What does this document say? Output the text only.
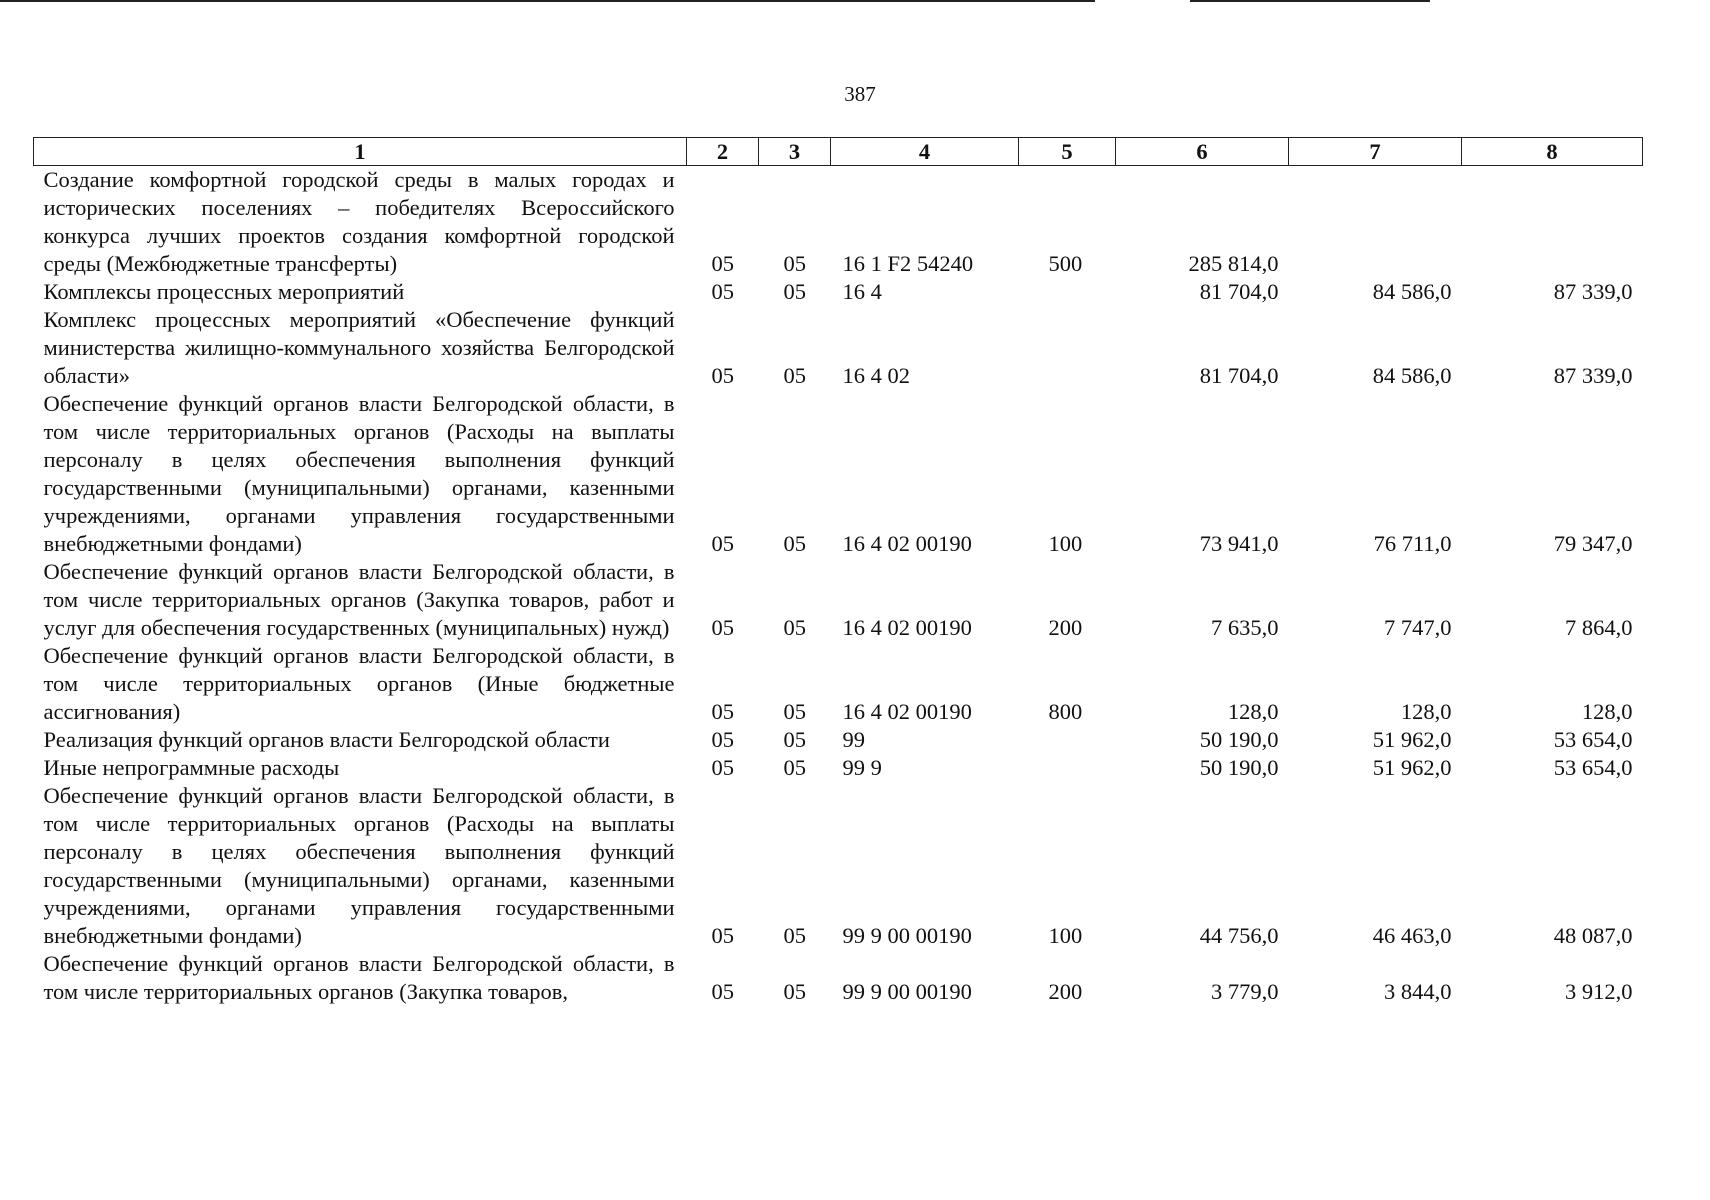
387
1	2	3	4	5	6	7	8
Создание комфортной городской среды в малых городах и исторических поселениях – победителях Всероссийского конкурса лучших проектов создания комфортной городской среды (Межбюджетные трансферты)	05	05	16 1 F2 54240	500	285 814,0		
Комплексы процессных мероприятий	05	05	16 4		81 704,0	84 586,0	87 339,0
Комплекс процессных мероприятий «Обеспечение функций министерства жилищно-коммунального хозяйства Белгородской области»	05	05	16 4 02		81 704,0	84 586,0	87 339,0
Обеспечение функций органов власти Белгородской области, в том числе территориальных органов (Расходы на выплаты персоналу в целях обеспечения выполнения функций государственными (муниципальными) органами, казенными учреждениями, органами управления государственными внебюджетными фондами)	05	05	16 4 02 00190	100	73 941,0	76 711,0	79 347,0
Обеспечение функций органов власти Белгородской области, в том числе территориальных органов (Закупка товаров, работ и услуг для обеспечения государственных (муниципальных) нужд)	05	05	16 4 02 00190	200	7 635,0	7 747,0	7 864,0
Обеспечение функций органов власти Белгородской области, в том числе территориальных органов (Иные бюджетные ассигнования)	05	05	16 4 02 00190	800	128,0	128,0	128,0
Реализация функций органов власти Белгородской области	05	05	99		50 190,0	51 962,0	53 654,0
Иные непрограммные расходы	05	05	99 9		50 190,0	51 962,0	53 654,0
Обеспечение функций органов власти Белгородской области, в том числе территориальных органов (Расходы на выплаты персоналу в целях обеспечения выполнения функций государственными (муниципальными) органами, казенными учреждениями, органами управления государственными внебюджетными фондами)	05	05	99 9 00 00190	100	44 756,0	46 463,0	48 087,0
Обеспечение функций органов власти Белгородской области, в том числе территориальных органов (Закупка товаров,	05	05	99 9 00 00190	200	3 779,0	3 844,0	3 912,0
